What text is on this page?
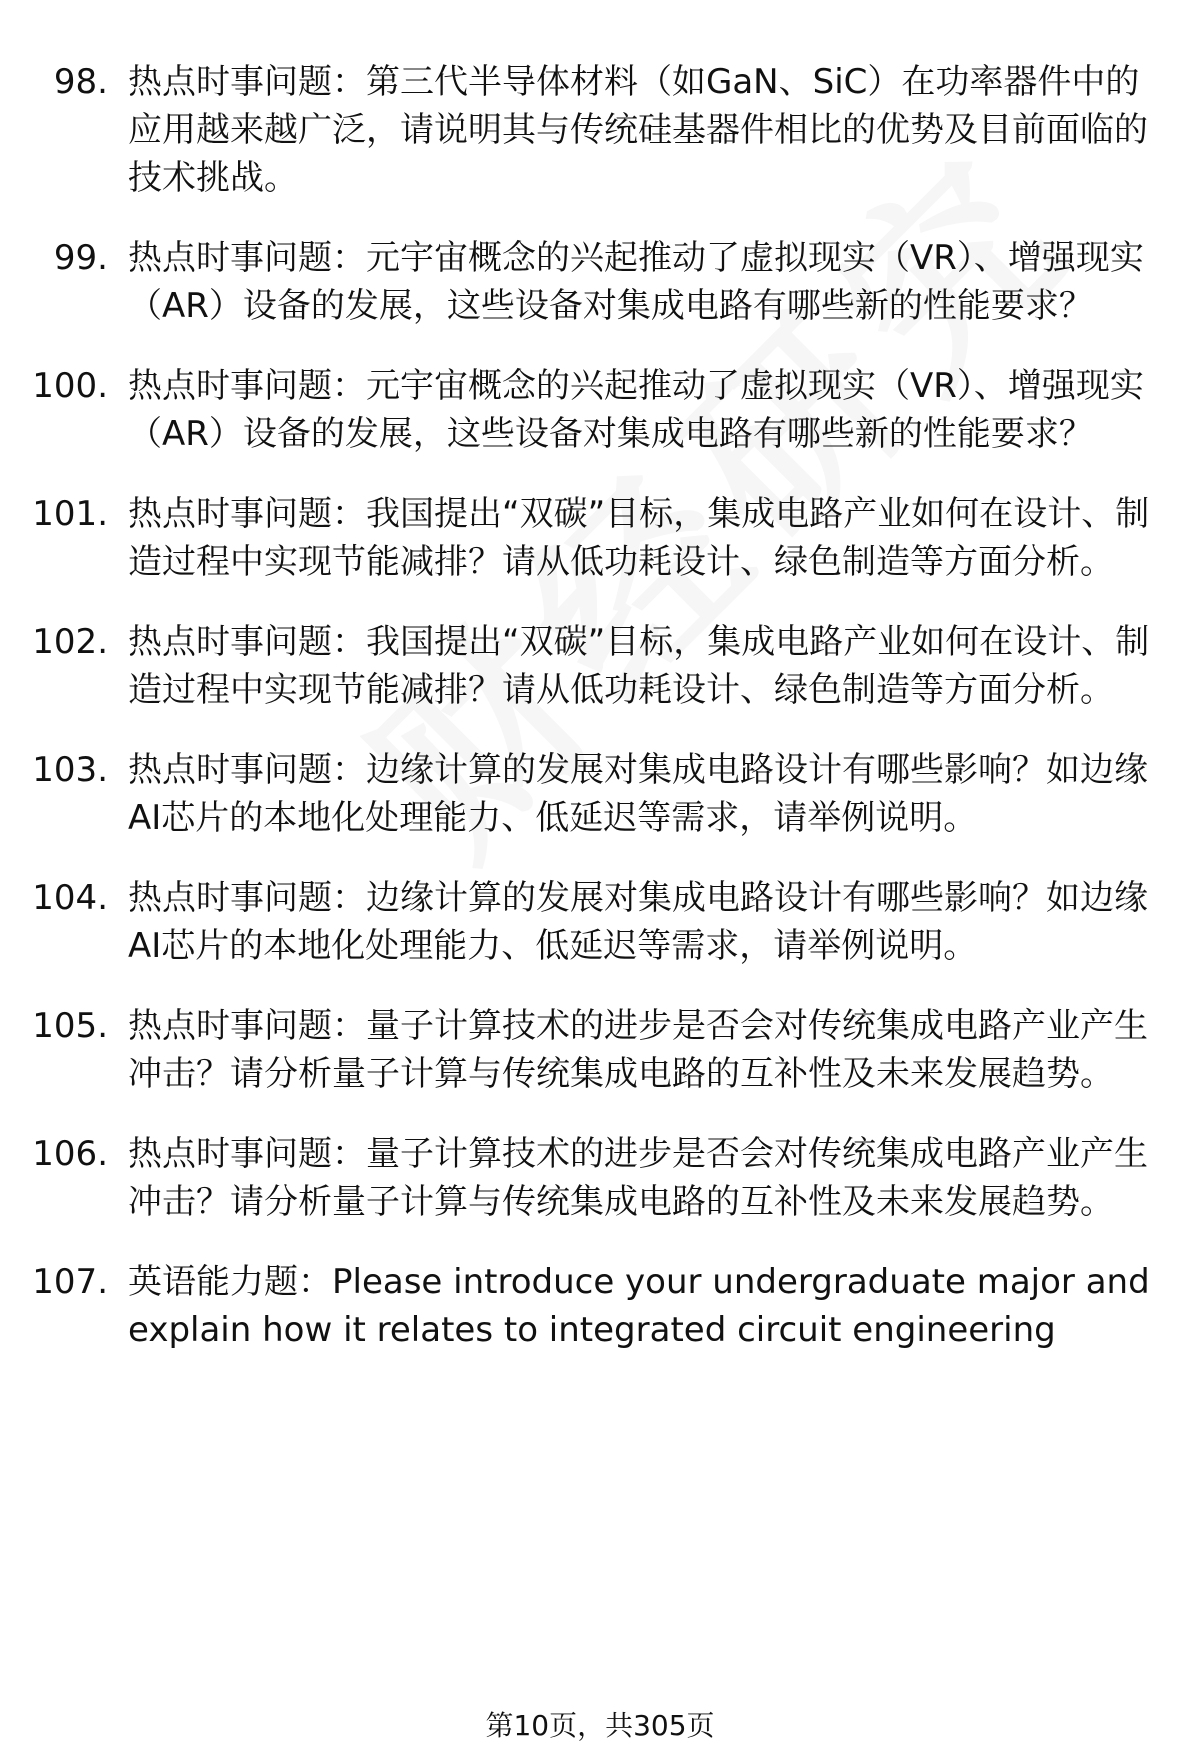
98. 热点时事问题：第三代半导体材料（如GaN、SiC）在功率器件中的应用越来越广泛，请说明其与传统硅基器件相比的优势及目前面临的技术挑战。
99. 热点时事问题：元宇宙概念的兴起推动了虚拟现实（VR）、增强现实（AR）设备的发展，这些设备对集成电路有哪些新的性能要求？
100. 热点时事问题：元宇宙概念的兴起推动了虚拟现实（VR）、增强现实（AR）设备的发展，这些设备对集成电路有哪些新的性能要求？
101. 热点时事问题：我国提出“双碳”目标，集成电路产业如何在设计、制造过程中实现节能减排？请从低功耗设计、绿色制造等方面分析。
102. 热点时事问题：我国提出“双碳”目标，集成电路产业如何在设计、制造过程中实现节能减排？请从低功耗设计、绿色制造等方面分析。
103. 热点时事问题：边缘计算的发展对集成电路设计有哪些影响？如边缘AI芯片的本地化处理能力、低延迟等需求，请举例说明。
104. 热点时事问题：边缘计算的发展对集成电路设计有哪些影响？如边缘AI芯片的本地化处理能力、低延迟等需求，请举例说明。
105. 热点时事问题：量子计算技术的进步是否会对传统集成电路产业产生冲击？请分析量子计算与传统集成电路的互补性及未来发展趋势。
106. 热点时事问题：量子计算技术的进步是否会对传统集成电路产业产生冲击？请分析量子计算与传统集成电路的互补性及未来发展趋势。
107. 英语能力题：Please introduce your undergraduate major and explain how it relates to integrated circuit engineering
第10页，共305页
